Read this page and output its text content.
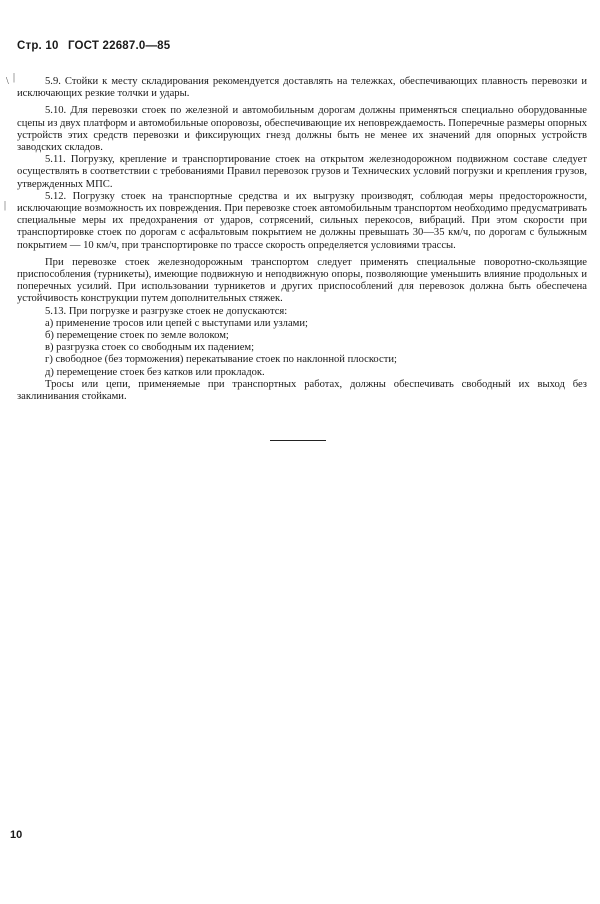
Стр. 10 ГОСТ 22687.0—85
\ |
|

5.9. Стойки к месту складирования рекомендуется доставлять на тележках, обеспечивающих плавность перевозки и исключающих резкие толчки и удары.

5.10. Для перевозки стоек по железной и автомобильным дорогам должны применяться специально оборудованные сцепы из двух платформ и автомобильные опоровозы, обеспечивающие их неповреждаемость. Поперечные размеры опорных устройств этих средств перевозки и фиксирующих гнезд должны быть не менее их значений для опорных устройств заводских складов.

5.11. Погрузку, крепление и транспортирование стоек на открытом железнодорожном подвижном составе следует осуществлять в соответствии с требованиями Правил перевозок грузов и Технических условий погрузки и крепления грузов, утвержденных МПС.

5.12. Погрузку стоек на транспортные средства и их выгрузку производят, соблюдая меры предосторожности, исключающие возможность их повреждения. При перевозке стоек автомобильным транспортом необходимо предусматривать специальные меры их предохранения от ударов, сотрясений, сильных перекосов, вибраций. При этом скорости при транспортировке стоек по дорогам с асфальтовым покрытием не должны превышать 30—35 км/ч, по дорогам с булыжным покрытием — 10 км/ч, при транспортировке по трассе скорость определяется условиями трассы.

При перевозке стоек железнодорожным транспортом следует применять специальные поворотно-скользящие приспособления (турникеты), имеющие подвижную и неподвижную опоры, позволяющие уменьшить влияние продольных и поперечных усилий. При использовании турникетов и других приспособлений для перевозок должна быть обеспечена устойчивость конструкции путем дополнительных стяжек.

5.13. При погрузке и разгрузке стоек не допускаются:

а) применение тросов или цепей с выступами или узлами;

б) перемещение стоек по земле волоком;

в) разгрузка стоек со свободным их падением;

г) свободное (без торможения) перекатывание стоек по наклонной плоскости;

д) перемещение стоек без катков или прокладок.

Тросы или цепи, применяемые при транспортных работах, должны обеспечивать свободный их выход без заклинивания стойками.

10
